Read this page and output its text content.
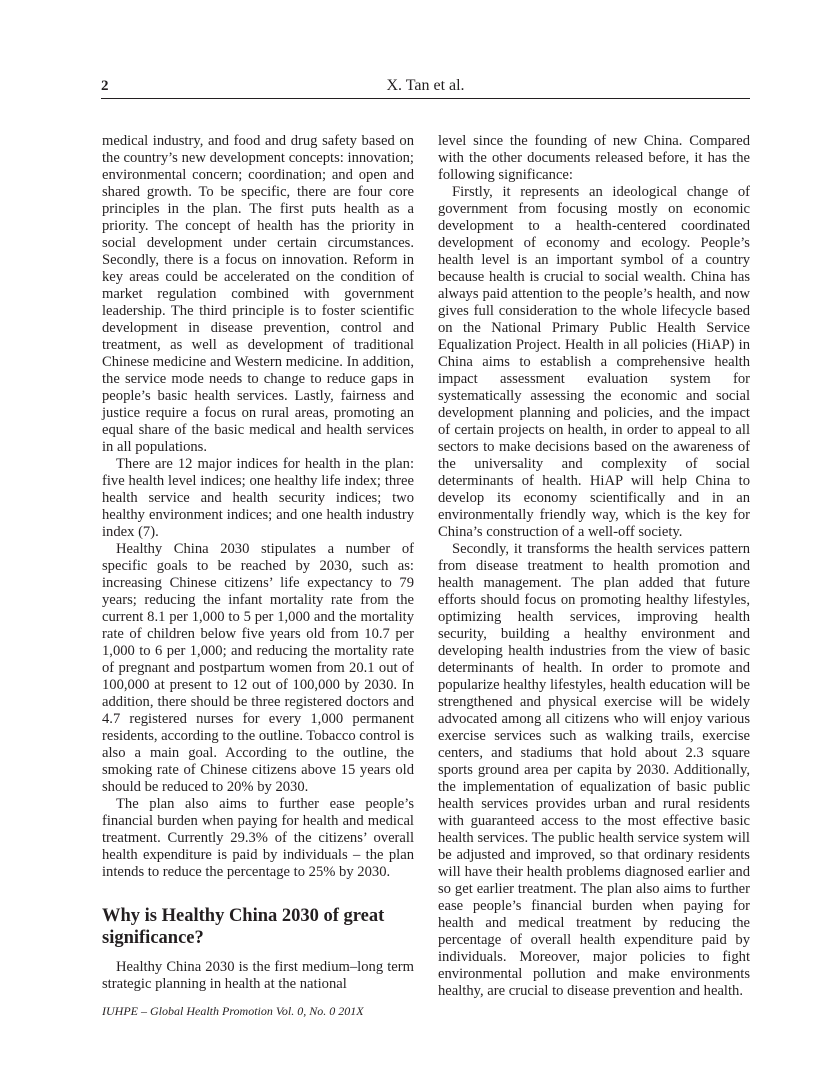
2	X. Tan et al.

medical industry, and food and drug safety based on the country’s new development concepts: innovation; environmental concern; coordination; and open and shared growth. To be specific, there are four core principles in the plan. The first puts health as a priority. The concept of health has the priority in social development under certain circumstances. Secondly, there is a focus on innovation. Reform in key areas could be accelerated on the condition of market regulation combined with government leadership. The third principle is to foster scientific development in disease prevention, control and treatment, as well as development of traditional Chinese medicine and Western medicine. In addition, the service mode needs to change to reduce gaps in people’s basic health services. Lastly, fairness and justice require a focus on rural areas, promoting an equal share of the basic medical and health services in all populations.

There are 12 major indices for health in the plan: five health level indices; one healthy life index; three health service and health security indices; two healthy environment indices; and one health industry index (7).

Healthy China 2030 stipulates a number of specific goals to be reached by 2030, such as: increasing Chinese citizens’ life expectancy to 79 years; reducing the infant mortality rate from the current 8.1 per 1,000 to 5 per 1,000 and the mortality rate of children below five years old from 10.7 per 1,000 to 6 per 1,000; and reducing the mortality rate of pregnant and postpartum women from 20.1 out of 100,000 at present to 12 out of 100,000 by 2030. In addition, there should be three registered doctors and 4.7 registered nurses for every 1,000 permanent residents, according to the outline. Tobacco control is also a main goal. According to the outline, the smoking rate of Chinese citizens above 15 years old should be reduced to 20% by 2030.

The plan also aims to further ease people’s financial burden when paying for health and medical treatment. Currently 29.3% of the citizens’ overall health expenditure is paid by individuals – the plan intends to reduce the percentage to 25% by 2030.

Why is Healthy China 2030 of great significance?

Healthy China 2030 is the first medium–long term strategic planning in health at the national

level since the founding of new China. Compared with the other documents released before, it has the following significance:

Firstly, it represents an ideological change of government from focusing mostly on economic development to a health-centered coordinated development of economy and ecology. People’s health level is an important symbol of a country because health is crucial to social wealth. China has always paid attention to the people’s health, and now gives full consideration to the whole lifecycle based on the National Primary Public Health Service Equalization Project. Health in all policies (HiAP) in China aims to establish a comprehensive health impact assessment evaluation system for systematically assessing the economic and social development planning and policies, and the impact of certain projects on health, in order to appeal to all sectors to make decisions based on the awareness of the universality and complexity of social determinants of health. HiAP will help China to develop its economy scientifically and in an environmentally friendly way, which is the key for China’s construction of a well-off society.

Secondly, it transforms the health services pattern from disease treatment to health promotion and health management. The plan added that future efforts should focus on promoting healthy lifestyles, optimizing health services, improving health security, building a healthy environment and developing health industries from the view of basic determinants of health. In order to promote and popularize healthy lifestyles, health education will be strengthened and physical exercise will be widely advocated among all citizens who will enjoy various exercise services such as walking trails, exercise centers, and stadiums that hold about 2.3 square sports ground area per capita by 2030. Additionally, the implementation of equalization of basic public health services provides urban and rural residents with guaranteed access to the most effective basic health services. The public health service system will be adjusted and improved, so that ordinary residents will have their health problems diagnosed earlier and so get earlier treatment. The plan also aims to further ease people’s financial burden when paying for health and medical treatment by reducing the percentage of overall health expenditure paid by individuals. Moreover, major policies to fight environmental pollution and make environments healthy, are crucial to disease prevention and health.

IUHPE – Global Health Promotion Vol. 0, No. 0 201X
